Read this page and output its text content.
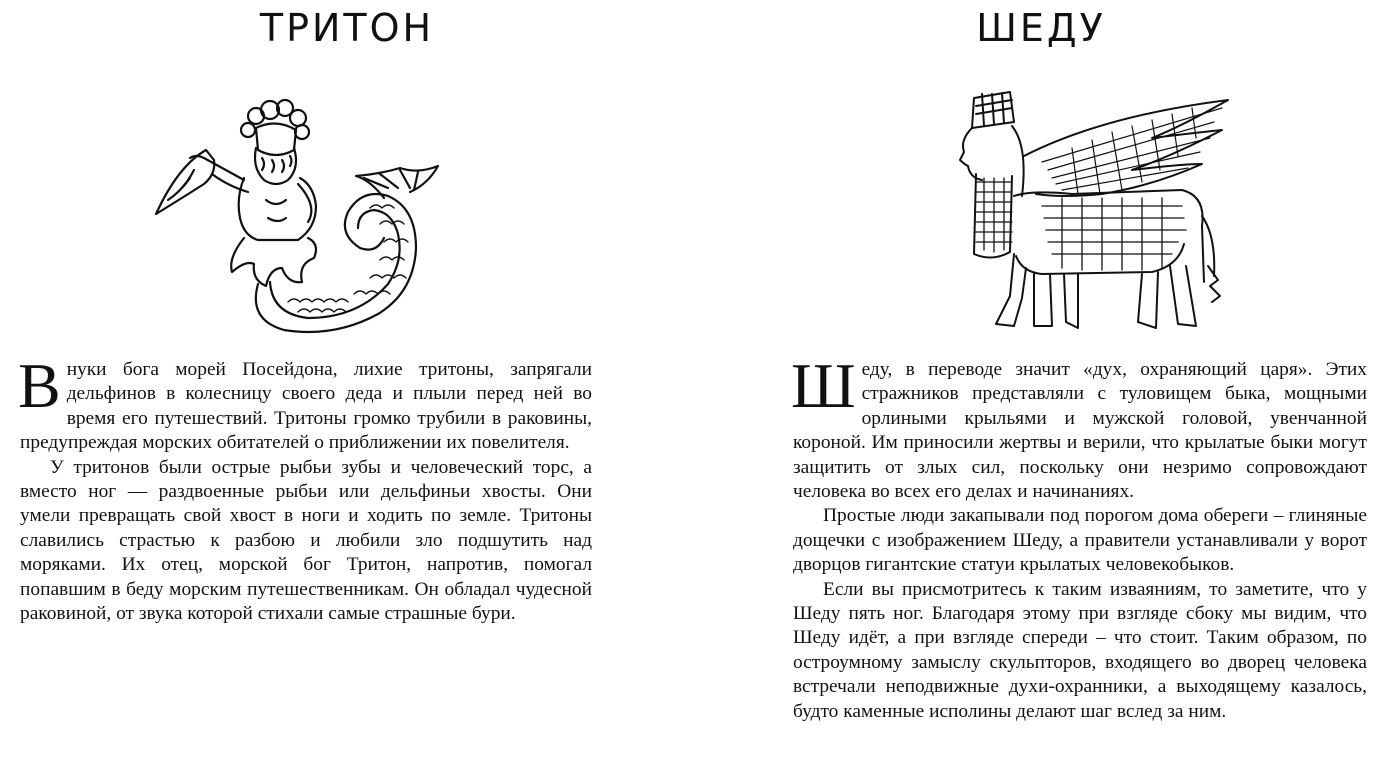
ТРИТОН

Внуки бога морей Посейдона, лихие тритоны, запрягали дельфинов в колесницу своего деда и плыли перед ней во время его путешествий. Тритоны громко трубили в раковины, предупреждая морских обитателей о приближении их повелителя.

У тритонов были острые рыбьи зубы и человеческий торс, а вместо ног — раздвоенные рыбьи или дельфиньи хвосты. Они умели превращать свой хвост в ноги и ходить по земле. Тритоны славились страстью к разбою и любили зло подшутить над моряками. Их отец, морской бог Тритон, напротив, помогал попавшим в беду морским путешественникам. Он обладал чудесной раковиной, от звука которой стихали самые страшные бури.

ШЕДУ

Шеду, в переводе значит «дух, охраняющий царя». Этих стражников представляли с туловищем быка, мощными орлиными крыльями и мужской головой, увенчанной короной. Им приносили жертвы и верили, что крылатые быки могут защитить от злых сил, поскольку они незримо сопровождают человека во всех его делах и начинаниях.

Простые люди закапывали под порогом дома обереги – глиняные дощечки с изображением Шеду, а правители устанавливали у ворот дворцов гигантские статуи крылатых человекобыков.

Если вы присмотритесь к таким изваяниям, то заметите, что у Шеду пять ног. Благодаря этому при взгляде сбоку мы видим, что Шеду идёт, а при взгляде спереди – что стоит. Таким образом, по остроумному замыслу скульпторов, входящего во дворец человека встречали неподвижные духи-охранники, а выходящему казалось, будто каменные исполины делают шаг вслед за ним.
